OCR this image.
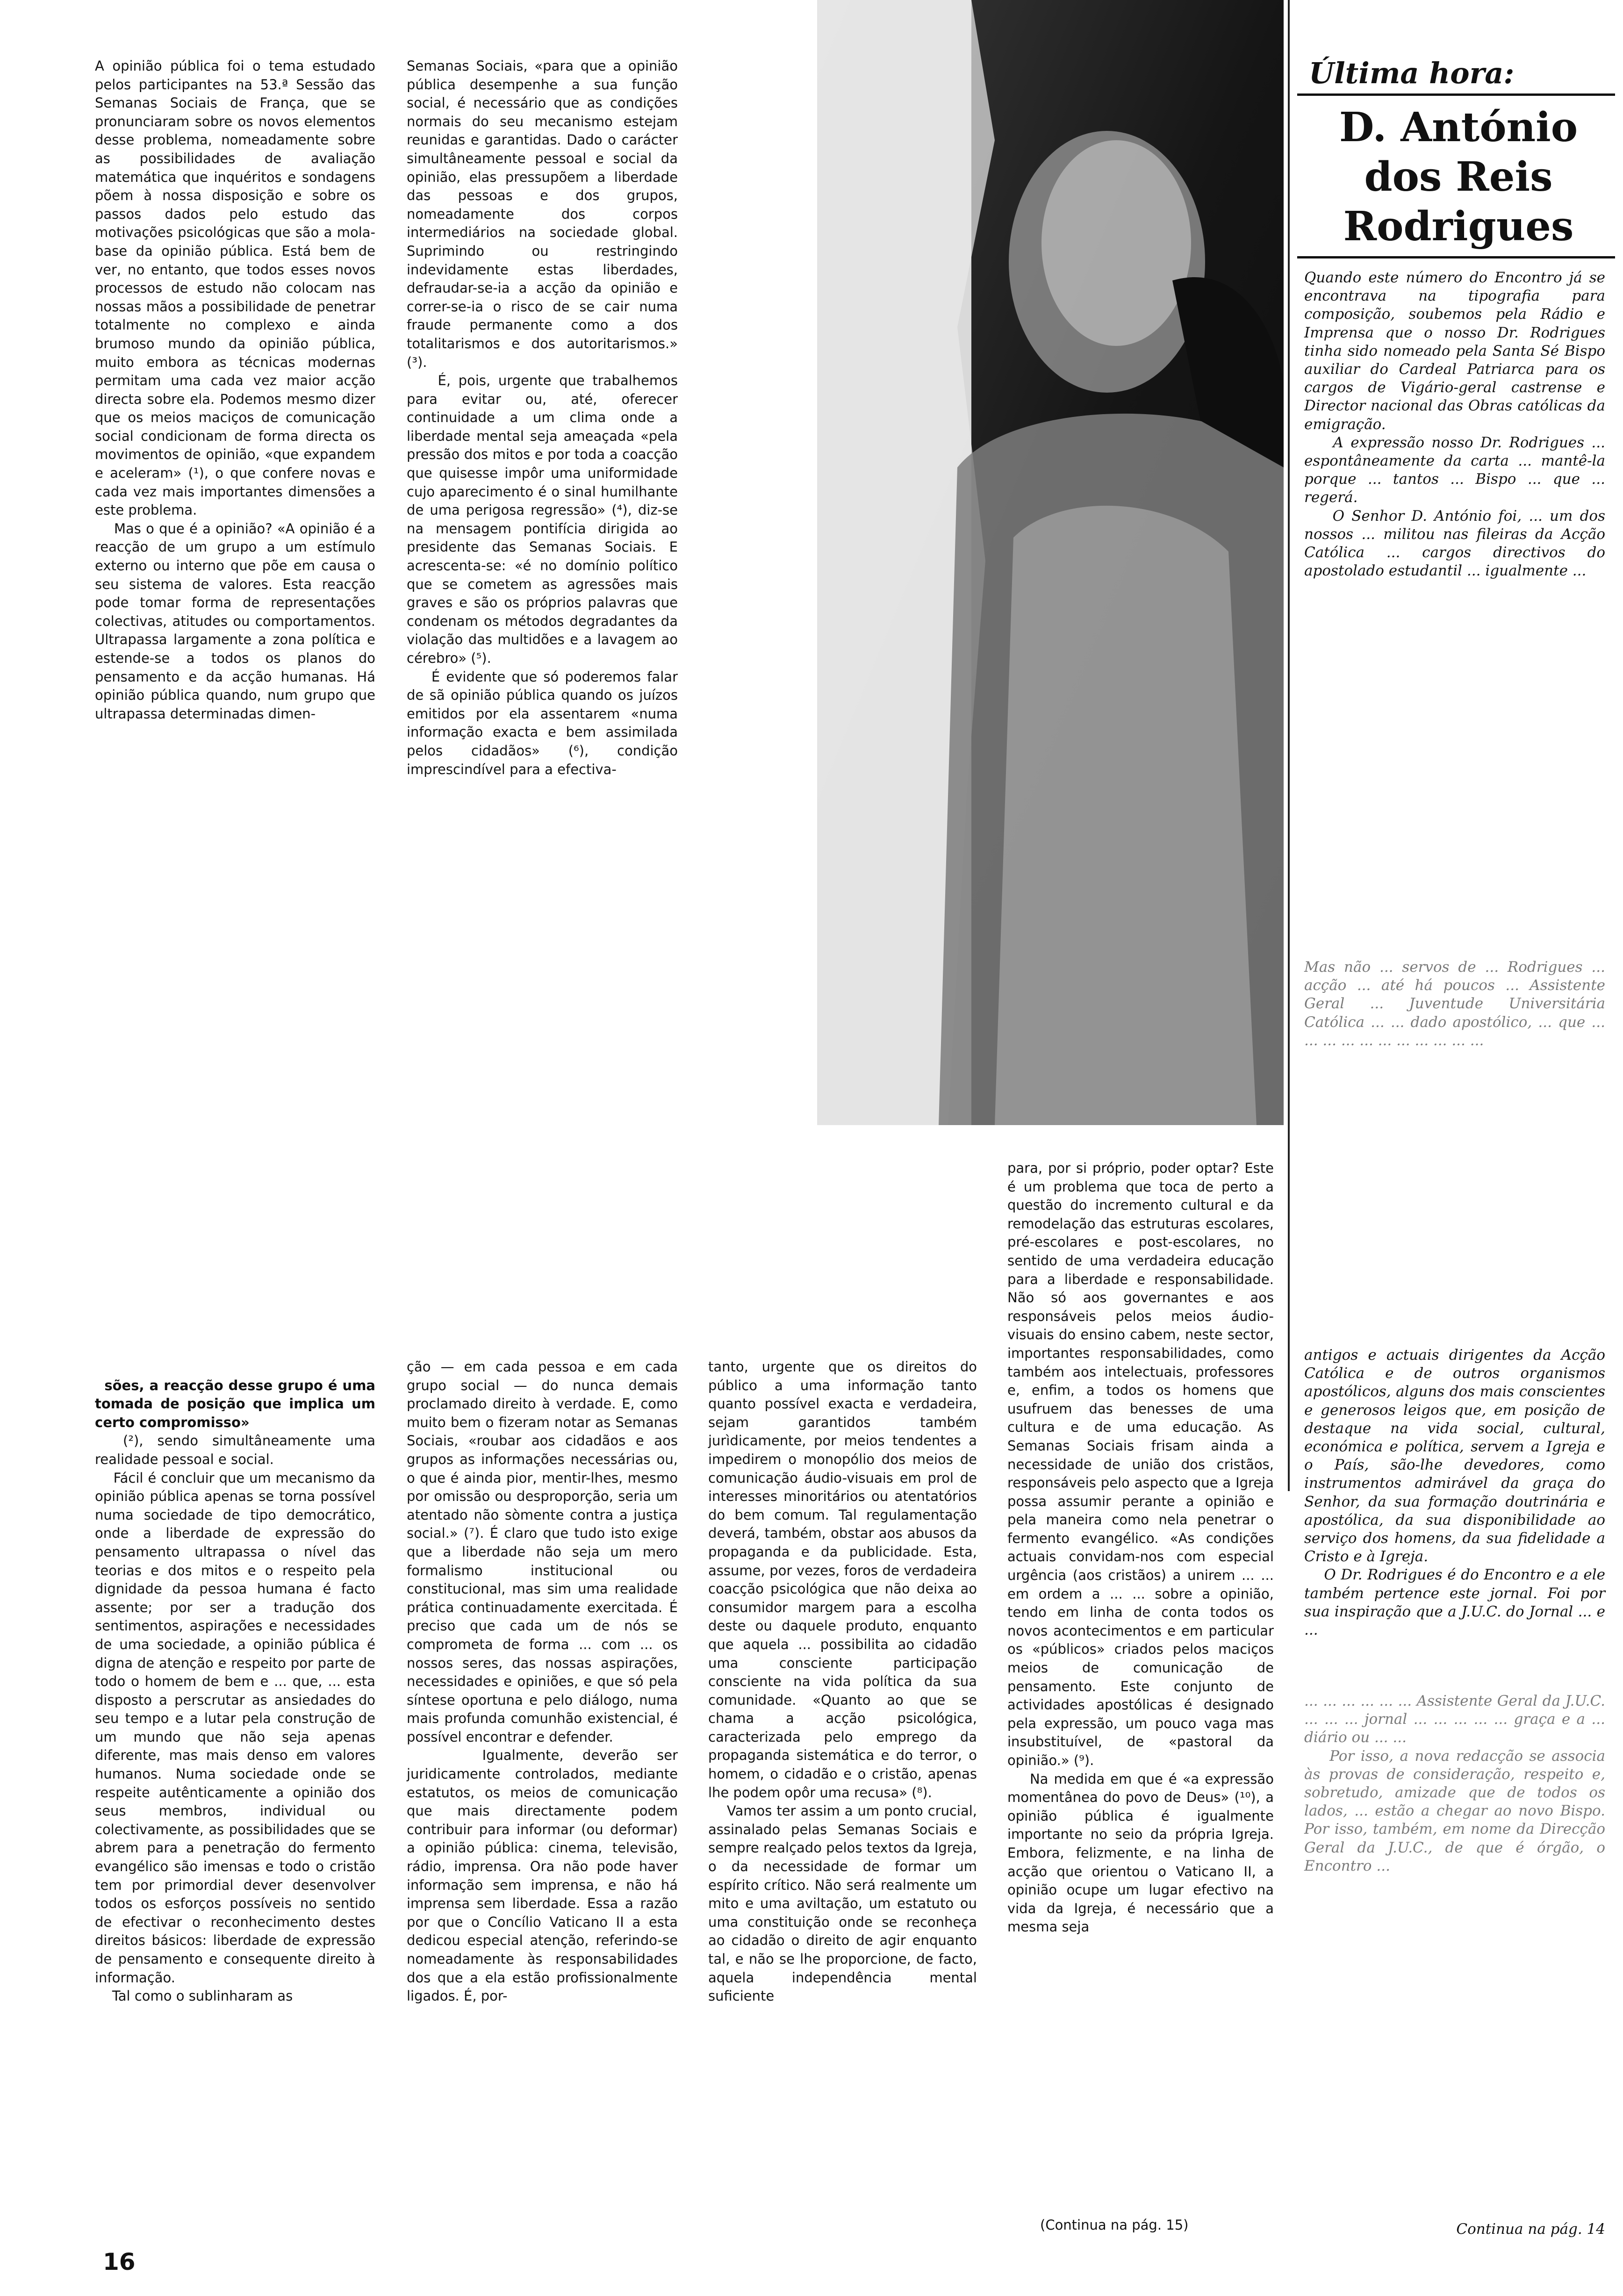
A opinião pública foi o tema estudado pelos participantes na 53.ª Sessão das Semanas Sociais de França, que se pronunciaram sobre os novos elementos desse problema, nomeadamente sobre as possibilidades de avaliação matemática que inquéritos e sondagens põem à nossa disposição e sobre os passos dados pelo estudo das motivações psicológicas que são a mola-base da opinião pública. Está bem de ver, no entanto, que todos esses novos processos de estudo não colocam nas nossas mãos a possibilidade de penetrar totalmente no complexo e ainda brumoso mundo da opinião pública, muito embora as técnicas modernas permitam uma cada vez maior acção directa sobre ela. Podemos mesmo dizer que os meios maciços de comunicação social condicionam de forma directa os movimentos de opinião, «que expandem e aceleram» (¹), o que confere novas e cada vez mais importantes dimensões a este problema.
Mas o que é a opinião? «A opinião é a reacção de um grupo a um estímulo externo ou interno que põe em causa o seu sistema de valores. Esta reacção pode tomar forma de representações colectivas, atitudes ou comportamentos. Ultrapassa largamente a zona política e estende-se a todos os planos do pensamento e da acção humanas. Há opinião pública quando, num grupo que ultrapassa determinadas dimen-
Semanas Sociais, «para que a opinião pública desempenhe a sua função social, é necessário que as condições normais do seu mecanismo estejam reunidas e garantidas. Dado o carácter simultâneamente pessoal e social da opinião, elas pressupõem a liberdade das pessoas e dos grupos, nomeadamente dos corpos intermediários na sociedade global. Suprimindo ou restringindo indevidamente estas liberdades, defraudar-se-ia a acção da opinião e correr-se-ia o risco de se cair numa fraude permanente como a dos totalitarismos e dos autoritarismos.» (³).
É, pois, urgente que trabalhemos para evitar ou, até, oferecer continuidade a um clima onde a liberdade mental seja ameaçada «pela pressão dos mitos e por toda a coacção que quisesse impôr uma uniformidade cujo aparecimento é o sinal humilhante de uma perigosa regressão» (⁴), diz-se na mensagem pontifícia dirigida ao presidente das Semanas Sociais. E acrescenta-se: «é no domínio político que se cometem as agressões mais graves e são os próprios palavras que condenam os métodos degradantes da violação das multidões e a lavagem ao cérebro» (⁵).
É evidente que só poderemos falar de sã opinião pública quando os juízos emitidos por ela assentarem «numa informação exacta e bem assimilada pelos cidadãos» (⁶), condição imprescindível para a efectiva-

sões, a reacção desse grupo é uma tomada de posição que implica um certo compromisso»
(²), sendo simultâneamente uma realidade pessoal e social.
Fácil é concluir que um mecanismo da opinião pública apenas se torna possível numa sociedade de tipo democrático, onde a liberdade de expressão do pensamento ultrapassa o nível das teorias e dos mitos e o respeito pela dignidade da pessoa humana é facto assente; por ser a tradução dos sentimentos, aspirações e necessidades de uma sociedade, a opinião pública é digna de atenção e respeito por parte de todo o homem de bem e ... que, ... esta disposto a perscrutar as ansiedades do seu tempo e a lutar pela construção de um mundo que não seja apenas diferente, mas mais denso em valores humanos. Numa sociedade onde se respeite autênticamente a opinião dos seus membros, individual ou colectivamente, as possibilidades que se abrem para a penetração do fermento evangélico são imensas e todo o cristão tem por primordial dever desenvolver todos os esforços possíveis no sentido de efectivar o reconhecimento destes direitos básicos: liberdade de expressão de pensamento e consequente direito à informação.
Tal como o sublinharam as

ção — em cada pessoa e em cada grupo social — do nunca demais proclamado direito à verdade. E, como muito bem o fizeram notar as Semanas Sociais, «roubar aos cidadãos e aos grupos as informações necessárias ou, o que é ainda pior, mentir-lhes, mesmo por omissão ou desproporção, seria um atentado não sòmente contra a justiça social.» (⁷). É claro que tudo isto exige que a liberdade não seja um mero formalismo institucional ou constitucional, mas sim uma realidade prática continuadamente exercitada. É preciso que cada um de nós se comprometa de forma ... com ... os nossos seres, das nossas aspirações, necessidades e opiniões, e que só pela síntese oportuna e pelo diálogo, numa mais profunda comunhão existencial, é possível encontrar e defender.
Igualmente, deverão ser juridicamente controlados, mediante estatutos, os meios de comunicação que mais directamente podem contribuir para informar (ou deformar) a opinião pública: cinema, televisão, rádio, imprensa. Ora não pode haver informação sem imprensa, e não há imprensa sem liberdade. Essa a razão por que o Concílio Vaticano II a esta dedicou especial atenção, referindo-se nomeadamente às responsabilidades dos que a ela estão profissionalmente ligados. É, por-
tanto, urgente que os direitos do público a uma informação tanto quanto possível exacta e verdadeira, sejam garantidos também jurìdicamente, por meios tendentes a impedirem o monopólio dos meios de comunicação áudio-visuais em prol de interesses minoritários ou atentatórios do bem comum. Tal regulamentação deverá, também, obstar aos abusos da propaganda e da publicidade. Esta, assume, por vezes, foros de verdadeira coacção psicológica que não deixa ao consumidor margem para a escolha deste ou daquele produto, enquanto que aquela ... possibilita ao cidadão uma consciente participação consciente na vida política da sua comunidade. «Quanto ao que se chama a acção psicológica, caracterizada pelo emprego da propaganda sistemática e do terror, o homem, o cidadão e o cristão, apenas lhe podem opôr uma recusa» (⁸).
Vamos ter assim a um ponto crucial, assinalado pelas Semanas Sociais e sempre realçado pelos textos da Igreja, o da necessidade de formar um espírito crítico. Não será realmente um mito e uma aviltação, um estatuto ou uma constituição onde se reconheça ao cidadão o direito de agir enquanto tal, e não se lhe proporcione, de facto, aquela independência mental suficiente
para, por si próprio, poder optar? Este é um problema que toca de perto a questão do incremento cultural e da remodelação das estruturas escolares, pré-escolares e post-escolares, no sentido de uma verdadeira educação para a liberdade e responsabilidade. Não só aos governantes e aos responsáveis pelos meios áudio-visuais do ensino cabem, neste sector, importantes responsabilidades, como também aos intelectuais, professores e, enfim, a todos os homens que usufruem das benesses de uma cultura e de uma educação. As Semanas Sociais frisam ainda a necessidade de união dos cristãos, responsáveis pelo aspecto que a Igreja possa assumir perante a opinião e pela maneira como nela penetrar o fermento evangélico. «As condições actuais convidam-nos com especial urgência (aos cristãos) a unirem ... ... em ordem a ... ... sobre a opinião, tendo em linha de conta todos os novos acontecimentos e em particular os «públicos» criados pelos maciços meios de comunicação de pensamento. Este conjunto de actividades apostólicas é designado pela expressão, um pouco vaga mas insubstituível, de «pastoral da opinião.» (⁹).
Na medida em que é «a expressão momentânea do povo de Deus» (¹⁰), a opinião pública é igualmente importante no seio da própria Igreja. Embora, felizmente, e na linha de acção que orientou o Vaticano II, a opinião ocupe um lugar efectivo na vida da Igreja, é necessário que a mesma seja
(Continua na pág. 15)
Última hora:
D. António
dos Reis
Rodrigues
Quando este número do Encontro já se encontrava na tipografia para composição, soubemos pela Rádio e Imprensa que o nosso Dr. Rodrigues tinha sido nomeado pela Santa Sé Bispo auxiliar do Cardeal Patriarca para os cargos de Vigário-geral castrense e Director nacional das Obras católicas da emigração.
A expressão nosso Dr. Rodrigues ... espontâneamente da carta ... mantê-la porque ... tantos ... Bispo ... que ... regerá.
O Senhor D. António foi, ... um dos nossos ... militou nas fileiras da Acção Católica ... cargos directivos do apostolado estudantil ... igualmente ...
Mas não ... servos de ... Rodrigues ... acção ... até há poucos ... Assistente Geral ... Juventude Universitária Católica ... ... dado apostólico, ... que ... ... ... ... ... ... ... ... ... ... ...
antigos e actuais dirigentes da Acção Católica e de outros organismos apostólicos, alguns dos mais conscientes e generosos leigos que, em posição de destaque na vida social, cultural, económica e política, servem a Igreja e o País, são-lhe devedores, como instrumentos admirável da graça do Senhor, da sua formação doutrinária e apostólica, da sua disponibilidade ao serviço dos homens, da sua fidelidade a Cristo e à Igreja.
O Dr. Rodrigues é do Encontro e a ele também pertence este jornal. Foi por sua inspiração que a J.U.C. do Jornal ... e ...
... ... ... ... ... ... Assistente Geral da J.U.C. ... ... ... jornal ... ... ... ... ... graça e a ... diário ou ... ...
Por isso, a nova redacção se associa às provas de consideração, respeito e, sobretudo, amizade que de todos os lados, ... estão a chegar ao novo Bispo. Por isso, também, em nome da Direcção Geral da J.U.C., de que é órgão, o Encontro ...
Continua na pág. 14
16
